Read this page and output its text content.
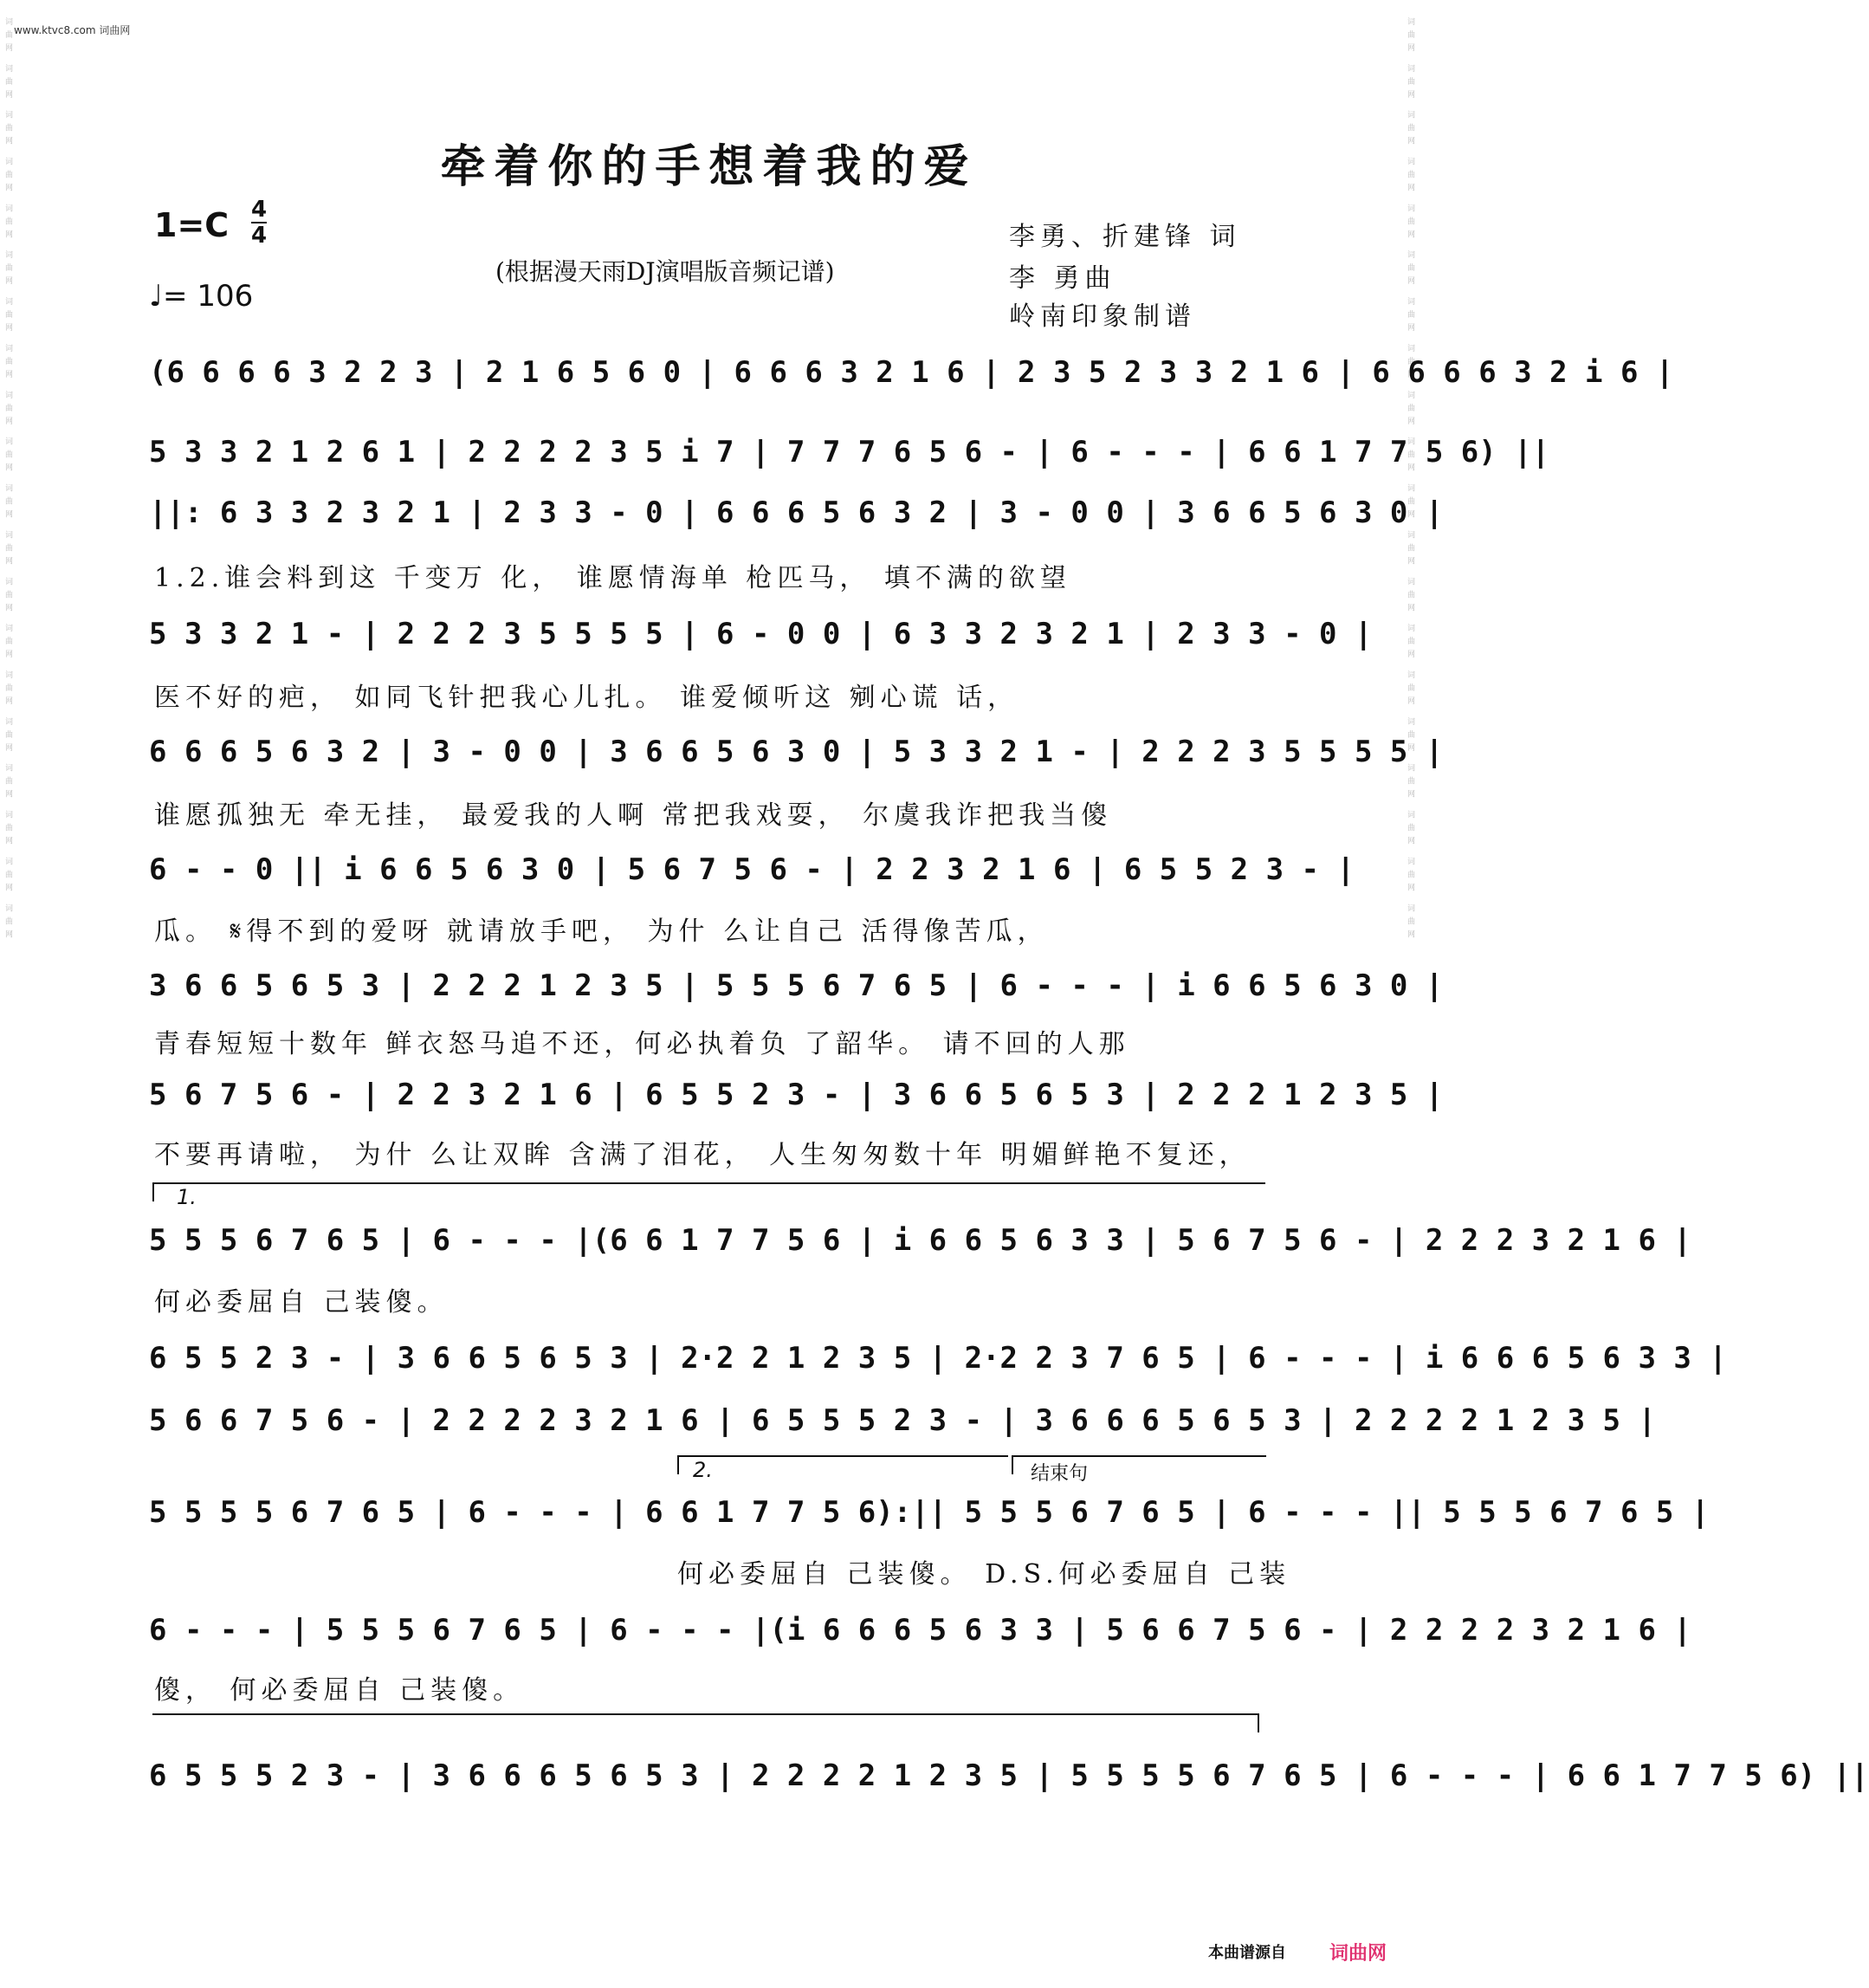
词曲网 词曲网 词曲网 词曲网 词曲网 词曲网 词曲网 词曲网 词曲网 词曲网 词曲网 词曲网 词曲网 词曲网 词曲网 词曲网 词曲网 词曲网 词曲网 词曲网	词曲网 词曲网 词曲网 词曲网 词曲网 词曲网 词曲网 词曲网 词曲网 词曲网 词曲网 词曲网 词曲网 词曲网 词曲网 词曲网 词曲网 词曲网 词曲网 词曲网
www.ktvc8.com 词曲网
牵着你的手想着我的爱
1=C 4
4
♩= 106
(根据漫天雨DJ演唱版音频记谱)
李勇、折建锋 词
李 勇曲
岭南印象制谱
(6 6 6 6 3 2 2 3 | 2 1 6 5 6 0 | 6 6 6 3 2 1 6 | 2 3 5 2 3 3 2 1 6 | 6 6 6 6 3 2 i 6 |
5 3 3 2 1 2 6 1 | 2 2 2 2 3 5 i 7 | 7 7 7 6 5 6 - | 6 - - - | 6 6 1 7 7 5 6) ||
||: 6 3 3 2 3 2 1 | 2 3 3 - 0 | 6 6 6 5 6 3 2 | 3 - 0 0 | 3 6 6 5 6 3 0 |
1.2.谁会料到这 千变万 化， 谁愿情海单 枪匹马， 填不满的欲望
5 3 3 2 1 - | 2 2 2 3 5 5 5 5 | 6 - 0 0 | 6 3 3 2 3 2 1 | 2 3 3 - 0 |
医不好的疤， 如同飞针把我心儿扎。 谁爱倾听这 剜心谎 话，
6 6 6 5 6 3 2 | 3 - 0 0 | 3 6 6 5 6 3 0 | 5 3 3 2 1 - | 2 2 2 3 5 5 5 5 |
谁愿孤独无 牵无挂， 最爱我的人啊 常把我戏耍， 尔虞我诈把我当傻
6 - - 0 || i 6 6 5 6 3 0 | 5 6 7 5 6 - | 2 2 3 2 1 6 | 6 5 5 2 3 - |
瓜。 𝄋得不到的爱呀 就请放手吧， 为什 么让自己 活得像苦瓜，
3 6 6 5 6 5 3 | 2 2 2 1 2 3 5 | 5 5 5 6 7 6 5 | 6 - - - | i 6 6 5 6 3 0 |
青春短短十数年 鲜衣怒马追不还，何必执着负 了韶华。 请不回的人那
5 6 7 5 6 - | 2 2 3 2 1 6 | 6 5 5 2 3 - | 3 6 6 5 6 5 3 | 2 2 2 1 2 3 5 |
不要再请啦， 为什 么让双眸 含满了泪花， 人生匆匆数十年 明媚鲜艳不复还，
1.
5 5 5 6 7 6 5 | 6 - - - |(6 6 1 7 7 5 6 | i 6 6 5 6 3 3 | 5 6 7 5 6 - | 2 2 2 3 2 1 6 |
何必委屈自 己装傻。
6 5 5 2 3 - | 3 6 6 5 6 5 3 | 2·2 2 1 2 3 5 | 2·2 2 3 7 6 5 | 6 - - - | i 6 6 6 5 6 3 3 |
5 6 6 7 5 6 - | 2 2 2 2 3 2 1 6 | 6 5 5 5 2 3 - | 3 6 6 6 5 6 5 3 | 2 2 2 2 1 2 3 5 |
2.	结束句
5 5 5 5 6 7 6 5 | 6 - - - | 6 6 1 7 7 5 6):|| 5 5 5 6 7 6 5 | 6 - - - || 5 5 5 6 7 6 5 |
何必委屈自 己装傻。 D.S.何必委屈自 己装
6 - - - | 5 5 5 6 7 6 5 | 6 - - - |(i 6 6 6 5 6 3 3 | 5 6 6 7 5 6 - | 2 2 2 2 3 2 1 6 |
傻， 何必委屈自 己装傻。
6 5 5 5 2 3 - | 3 6 6 6 5 6 5 3 | 2 2 2 2 1 2 3 5 | 5 5 5 5 6 7 6 5 | 6 - - - | 6 6 1 7 7 5 6) ||
本曲谱源自 词曲网
